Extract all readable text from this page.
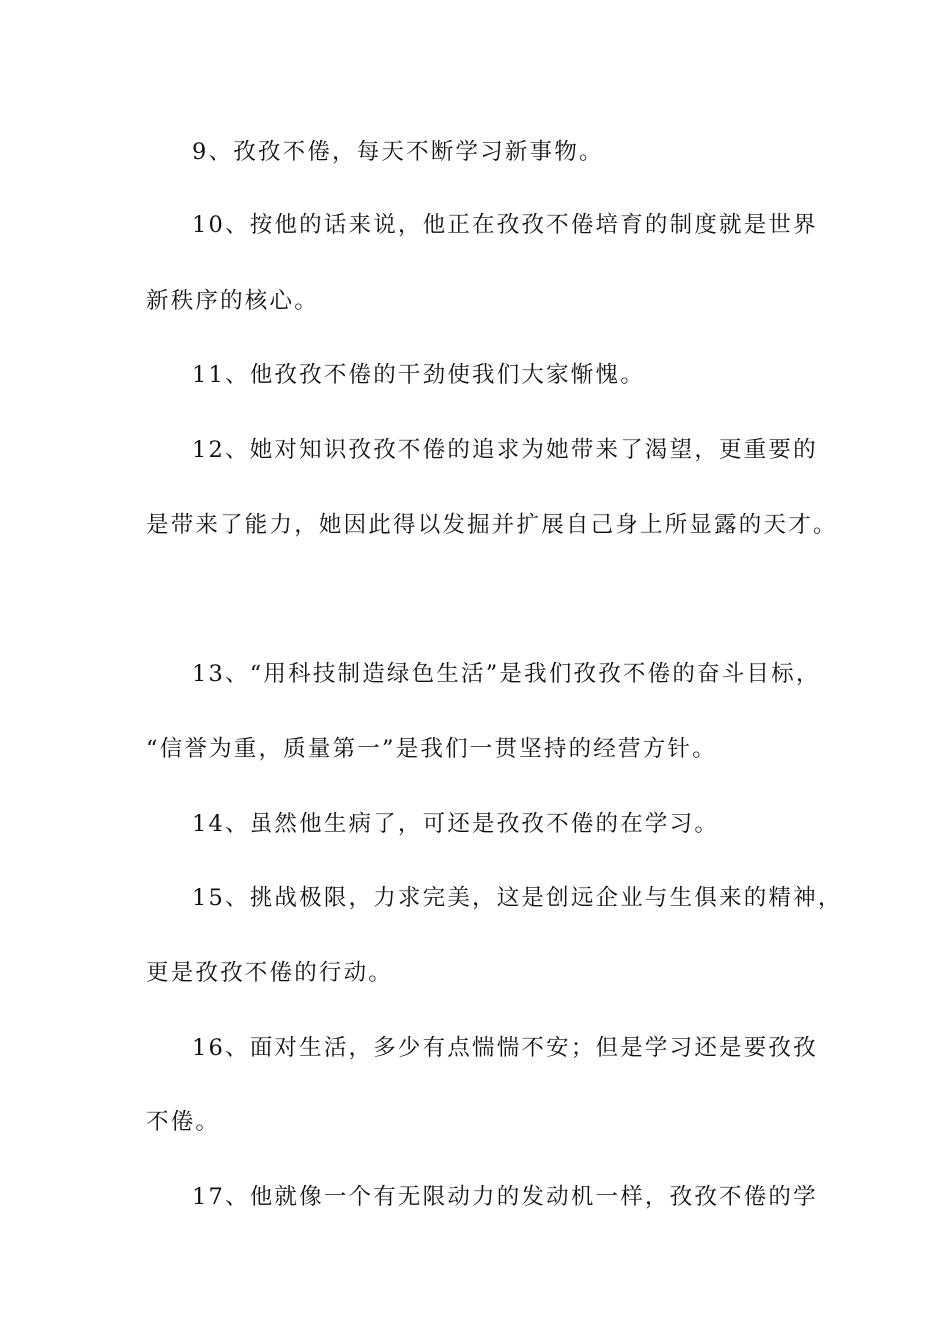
9、孜孜不倦，每天不断学习新事物。
10、按他的话来说，他正在孜孜不倦培育的制度就是世界
新秩序的核心。
11、他孜孜不倦的干劲使我们大家惭愧。
12、她对知识孜孜不倦的追求为她带来了渴望，更重要的
是带来了能力，她因此得以发掘并扩展自己身上所显露的天才。
13、“用科技制造绿色生活”是我们孜孜不倦的奋斗目标，
“信誉为重，质量第一”是我们一贯坚持的经营方针。
14、虽然他生病了，可还是孜孜不倦的在学习。
15、挑战极限，力求完美，这是创远企业与生俱来的精神，
更是孜孜不倦的行动。
16、面对生活，多少有点惴惴不安；但是学习还是要孜孜
不倦。
17、他就像一个有无限动力的发动机一样，孜孜不倦的学
